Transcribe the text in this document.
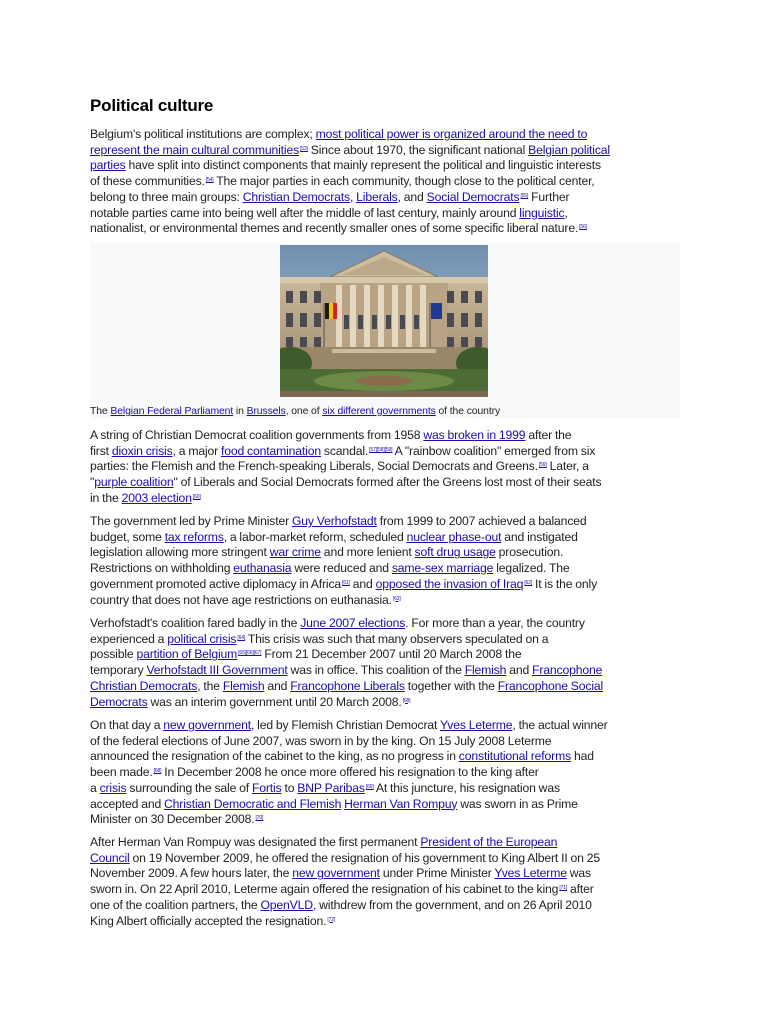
Political culture
Belgium's political institutions are complex; most political power is organized around the need to
represent the main cultural communities[53] Since about 1970, the significant national Belgian political
parties have split into distinct components that mainly represent the political and linguistic interests
of these communities.[54] The major parties in each community, though close to the political center,
belong to three main groups: Christian Democrats, Liberals, and Social Democrats[55] Further
notable parties came into being well after the middle of last century, mainly around linguistic,
nationalist, or environmental themes and recently smaller ones of some specific liberal nature.[56]
The Belgian Federal Parliament in Brussels, one of six different governments of the country
A string of Christian Democrat coalition governments from 1958 was broken in 1999 after the
first dioxin crisis, a major food contamination scandal.[57][58][59] A "rainbow coalition" emerged from six
parties: the Flemish and the French-speaking Liberals, Social Democrats and Greens.[59] Later, a
"purple coalition" of Liberals and Social Democrats formed after the Greens lost most of their seats
in the 2003 election[60]
The government led by Prime Minister Guy Verhofstadt from 1999 to 2007 achieved a balanced
budget, some tax reforms, a labor-market reform, scheduled nuclear phase-out and instigated
legislation allowing more stringent war crime and more lenient soft drug usage prosecution.
Restrictions on withholding euthanasia were reduced and same-sex marriage legalized. The
government promoted active diplomacy in Africa[61] and opposed the invasion of Iraq[62] It is the only
country that does not have age restrictions on euthanasia.[63]
Verhofstadt's coalition fared badly in the June 2007 elections. For more than a year, the country
experienced a political crisis[64] This crisis was such that many observers speculated on a
possible partition of Belgium[65][66][67] From 21 December 2007 until 20 March 2008 the
temporary Verhofstadt III Government was in office. This coalition of the Flemish and Francophone
Christian Democrats, the Flemish and Francophone Liberals together with the Francophone Social
Democrats was an interim government until 20 March 2008.[68]
On that day a new government, led by Flemish Christian Democrat Yves Leterme, the actual winner
of the federal elections of June 2007, was sworn in by the king. On 15 July 2008 Leterme
announced the resignation of the cabinet to the king, as no progress in constitutional reforms had
been made.[68] In December 2008 he once more offered his resignation to the king after
a crisis surrounding the sale of Fortis to BNP Paribas[69] At this juncture, his resignation was
accepted and Christian Democratic and Flemish Herman Van Rompuy was sworn in as Prime
Minister on 30 December 2008.[70]
After Herman Van Rompuy was designated the first permanent President of the European
Council on 19 November 2009, he offered the resignation of his government to King Albert II on 25
November 2009. A few hours later, the new government under Prime Minister Yves Leterme was
sworn in. On 22 April 2010, Leterme again offered the resignation of his cabinet to the king[71] after
one of the coalition partners, the OpenVLD, withdrew from the government, and on 26 April 2010
King Albert officially accepted the resignation.[72]
